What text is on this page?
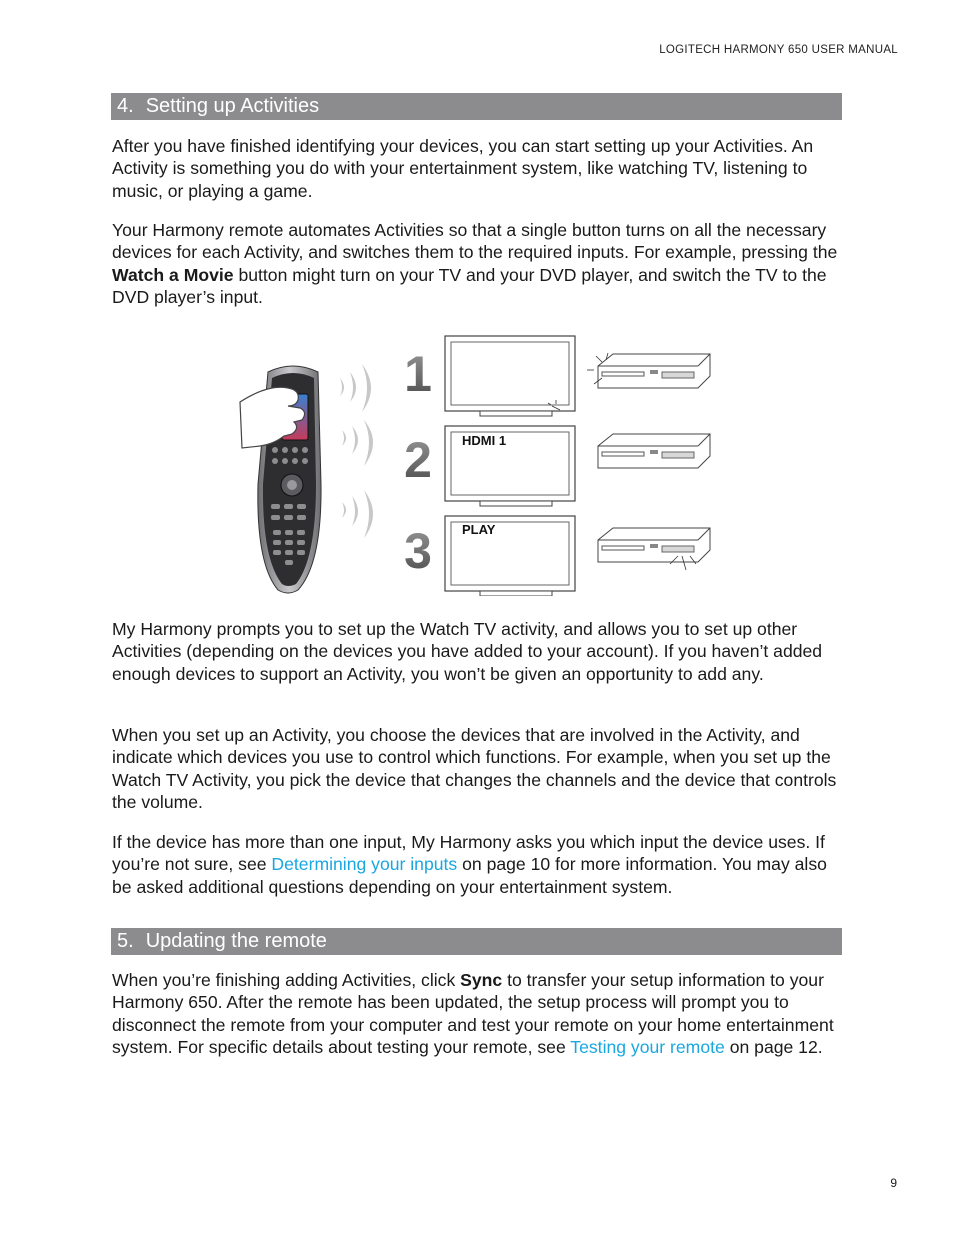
LOGITECH HARMONY 650 USER MANUAL
4. Setting up Activities

After you have finished identifying your devices, you can start setting up your Activities. An Activity is something you do with your entertainment system, like watching TV, listening to music, or playing a game.

Your Harmony remote automates Activities so that a single button turns on all the necessary devices for each Activity, and switches them to the required inputs. For example, pressing the Watch a Movie button might turn on your TV and your DVD player, and switch the TV to the DVD player’s input.

1
2
3
HDMI 1
PLAY

My Harmony prompts you to set up the Watch TV activity, and allows you to set up other Activities (depending on the devices you have added to your account). If you haven’t added enough devices to support an Activity, you won’t be given an opportunity to add any.

When you set up an Activity, you choose the devices that are involved in the Activity, and indicate which devices you use to control which functions. For example, when you set up the Watch TV Activity, you pick the device that changes the channels and the device that controls the volume.

If the device has more than one input, My Harmony asks you which input the device uses. If you’re not sure, see Determining your inputs on page 10 for more information. You may also be asked additional questions depending on your entertainment system.

5. Updating the remote

When you’re finishing adding Activities, click Sync to transfer your setup information to your Harmony 650. After the remote has been updated, the setup process will prompt you to disconnect the remote from your computer and test your remote on your home entertainment system. For specific details about testing your remote, see Testing your remote on page 12.

9
